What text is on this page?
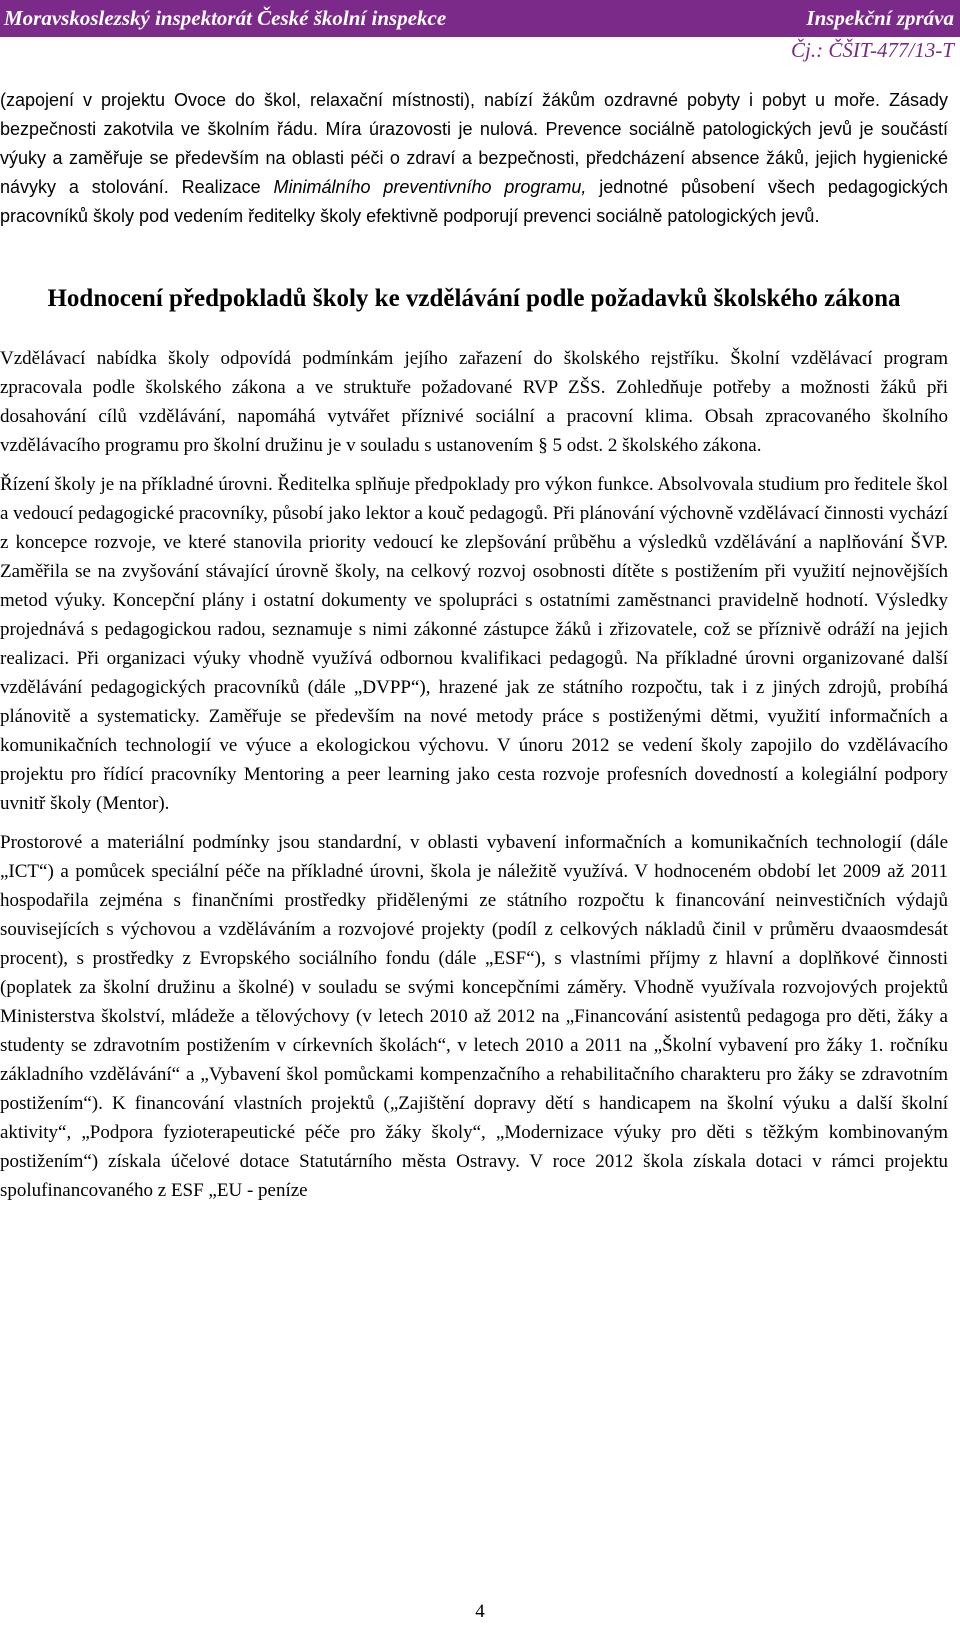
Moravskoslezský inspektorát České školní inspekce	Inspekční zpráva
Čj.: ČŠIT-477/13-T

(zapojení v projektu Ovoce do škol, relaxační místnosti), nabízí žákům ozdravné pobyty i pobyt u moře. Zásady bezpečnosti zakotvila ve školním řádu. Míra úrazovosti je nulová. Prevence sociálně patologických jevů je součástí výuky a zaměřuje se především na oblasti péči o zdraví a bezpečnosti, předcházení absence žáků, jejich hygienické návyky a stolování. Realizace Minimálního preventivního programu, jednotné působení všech pedagogických pracovníků školy pod vedením ředitelky školy efektivně podporují prevenci sociálně patologických jevů.

Hodnocení předpokladů školy ke vzdělávání podle požadavků školského zákona

Vzdělávací nabídka školy odpovídá podmínkám jejího zařazení do školského rejstříku. Školní vzdělávací program zpracovala podle školského zákona a ve struktuře požadované RVP ZŠS. Zohledňuje potřeby a možnosti žáků při dosahování cílů vzdělávání, napomáhá vytvářet příznivé sociální a pracovní klima. Obsah zpracovaného školního vzdělávacího programu pro školní družinu je v souladu s ustanovením § 5 odst. 2 školského zákona.

Řízení školy je na příkladné úrovni. Ředitelka splňuje předpoklady pro výkon funkce. Absolvovala studium pro ředitele škol a vedoucí pedagogické pracovníky, působí jako lektor a kouč pedagogů. Při plánování výchovně vzdělávací činnosti vychází z koncepce rozvoje, ve které stanovila priority vedoucí ke zlepšování průběhu a výsledků vzdělávání a naplňování ŠVP. Zaměřila se na zvyšování stávající úrovně školy, na celkový rozvoj osobnosti dítěte s postižením při využití nejnovějších metod výuky. Koncepční plány i ostatní dokumenty ve spolupráci s ostatními zaměstnanci pravidelně hodnotí. Výsledky projednává s pedagogickou radou, seznamuje s nimi zákonné zástupce žáků i zřizovatele, což se příznivě odráží na jejich realizaci. Při organizaci výuky vhodně využívá odbornou kvalifikaci pedagogů. Na příkladné úrovni organizované další vzdělávání pedagogických pracovníků (dále „DVPP“), hrazené jak ze státního rozpočtu, tak i z jiných zdrojů, probíhá plánovitě a systematicky. Zaměřuje se především na nové metody práce s postiženými dětmi, využití informačních a komunikačních technologií ve výuce a ekologickou výchovu. V únoru 2012 se vedení školy zapojilo do vzdělávacího projektu pro řídící pracovníky Mentoring a peer learning jako cesta rozvoje profesních dovedností a kolegiální podpory uvnitř školy (Mentor).

Prostorové a materiální podmínky jsou standardní, v oblasti vybavení informačních a komunikačních technologií (dále „ICT“) a pomůcek speciální péče na příkladné úrovni, škola je náležitě využívá. V hodnoceném období let 2009 až 2011 hospodařila zejména s finančními prostředky přidělenými ze státního rozpočtu k financování neinvestičních výdajů souvisejících s výchovou a vzděláváním a rozvojové projekty (podíl z celkových nákladů činil v průměru dvaaosmdesát procent), s prostředky z Evropského sociálního fondu (dále „ESF“), s vlastními příjmy z hlavní a doplňkové činnosti (poplatek za školní družinu a školné) v souladu se svými koncepčními záměry. Vhodně využívala rozvojových projektů Ministerstva školství, mládeže a tělovýchovy (v letech 2010 až 2012 na „Financování asistentů pedagoga pro děti, žáky a studenty se zdravotním postižením v církevních školách“, v letech 2010 a 2011 na „Školní vybavení pro žáky 1. ročníku základního vzdělávání“ a „Vybavení škol pomůckami kompenzačního a rehabilitačního charakteru pro žáky se zdravotním postižením“). K financování vlastních projektů („Zajištění dopravy dětí s handicapem na školní výuku a další školní aktivity“, „Podpora fyzioterapeutické péče pro žáky školy“, „Modernizace výuky pro děti s těžkým kombinovaným postižením“) získala účelové dotace Statutárního města Ostravy. V roce 2012 škola získala dotaci v rámci projektu spolufinancovaného z ESF „EU - peníze

4
